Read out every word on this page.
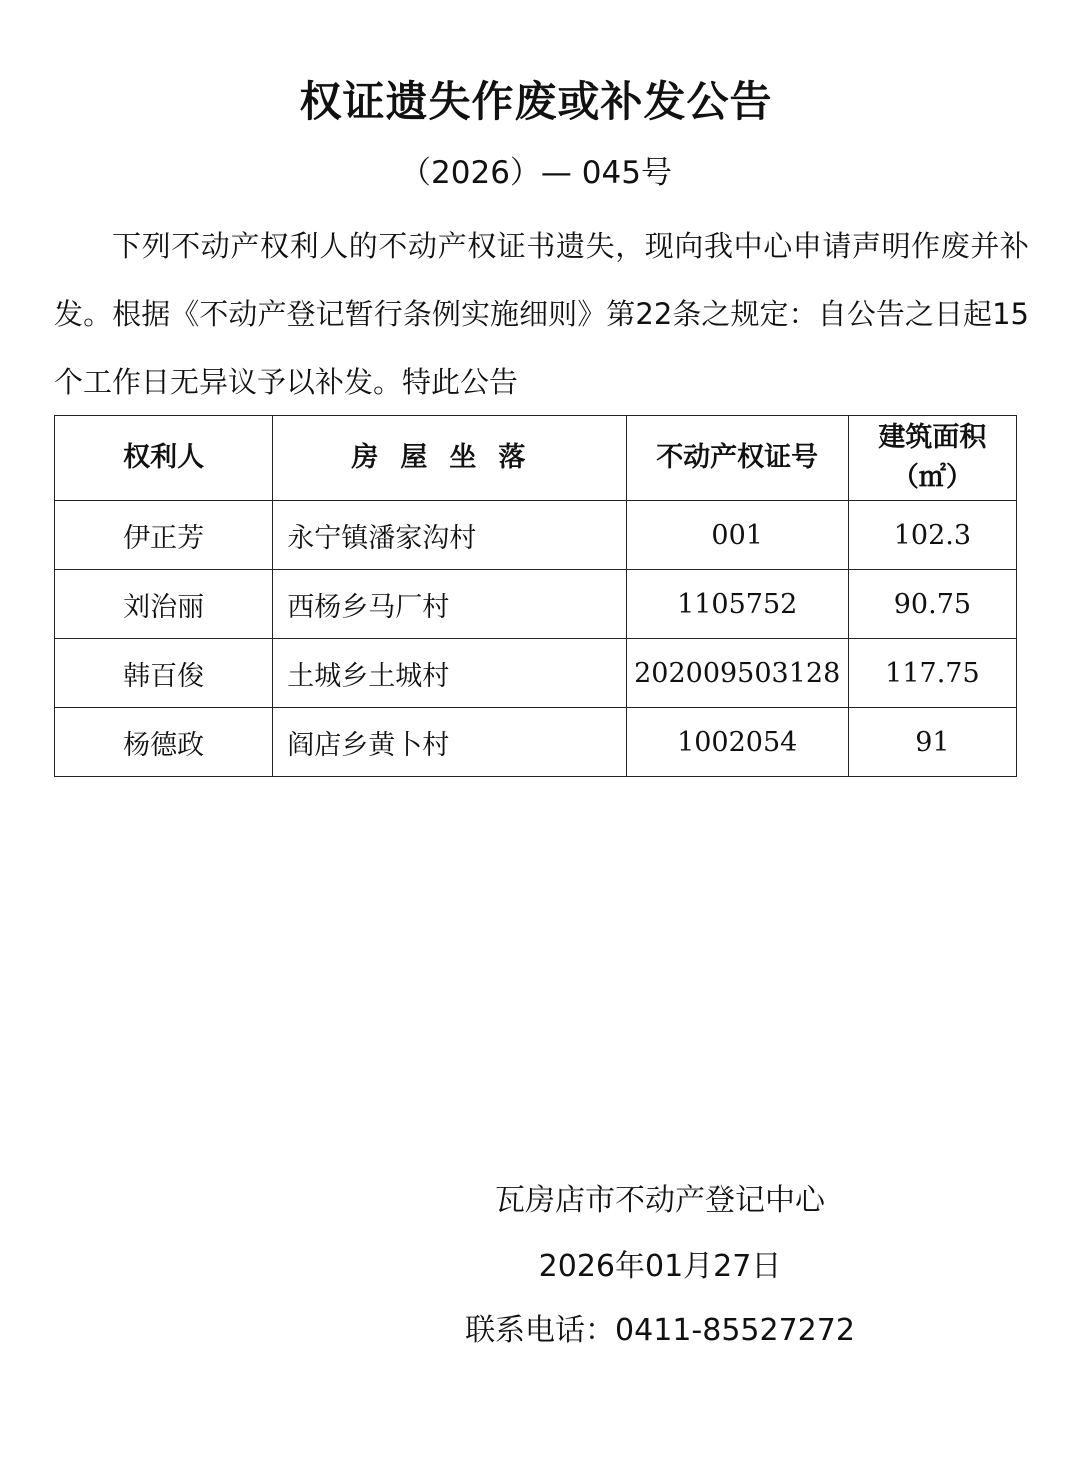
权证遗失作废或补发公告
（2026）— 045号
下列不动产权利人的不动产权证书遗失，现向我中心申请声明作废并补发。根据《不动产登记暂行条例实施细则》第22条之规定：自公告之日起15个工作日无异议予以补发。特此公告
权利人	房屋坐落	不动产权证号	建筑面积
（㎡）

伊正芳	永宁镇潘家沟村	001	102.3
刘治丽	西杨乡马厂村	1105752	90.75
韩百俊	土城乡土城村	202009503128	117.75
杨德政	阎店乡黄卜村	1002054	91
瓦房店市不动产登记中心
2026年01月27日
联系电话：0411-85527272
